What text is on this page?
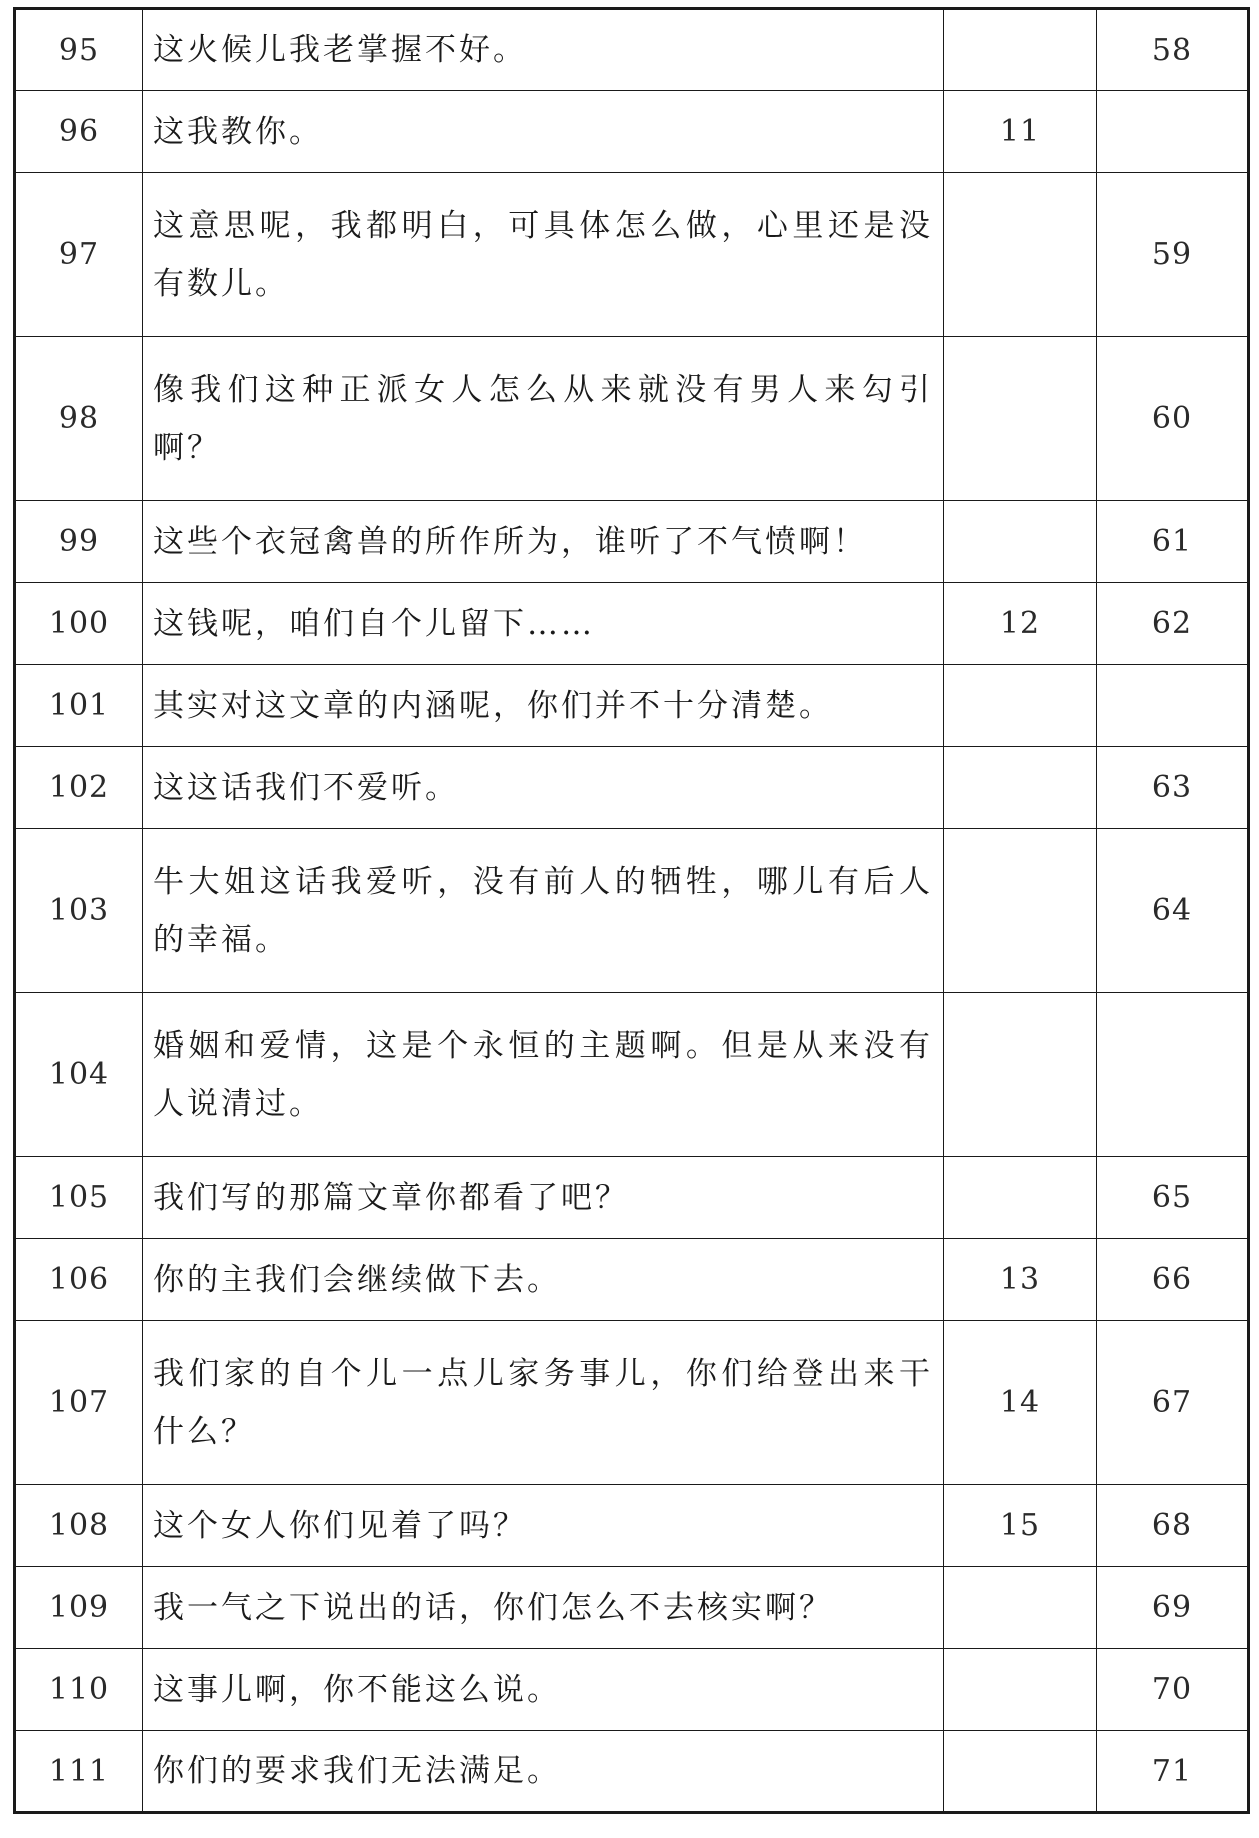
95	这火候儿我老掌握不好。		58
96	这我教你。	11	
97	这意思呢，我都明白，可具体怎么做，心里还是没有数儿。		59
98	像我们这种正派女人怎么从来就没有男人来勾引啊？		60
99	这些个衣冠禽兽的所作所为，谁听了不气愤啊！		61
100	这钱呢，咱们自个儿留下……	12	62
101	其实对这文章的内涵呢，你们并不十分清楚。		
102	这这话我们不爱听。		63
103	牛大姐这话我爱听，没有前人的牺牲，哪儿有后人的幸福。		64
104	婚姻和爱情，这是个永恒的主题啊。但是从来没有人说清过。		
105	我们写的那篇文章你都看了吧？		65
106	你的主我们会继续做下去。	13	66
107	我们家的自个儿一点儿家务事儿，你们给登出来干什么？	14	67
108	这个女人你们见着了吗？	15	68
109	我一气之下说出的话，你们怎么不去核实啊？		69
110	这事儿啊，你不能这么说。		70
111	你们的要求我们无法满足。		71
